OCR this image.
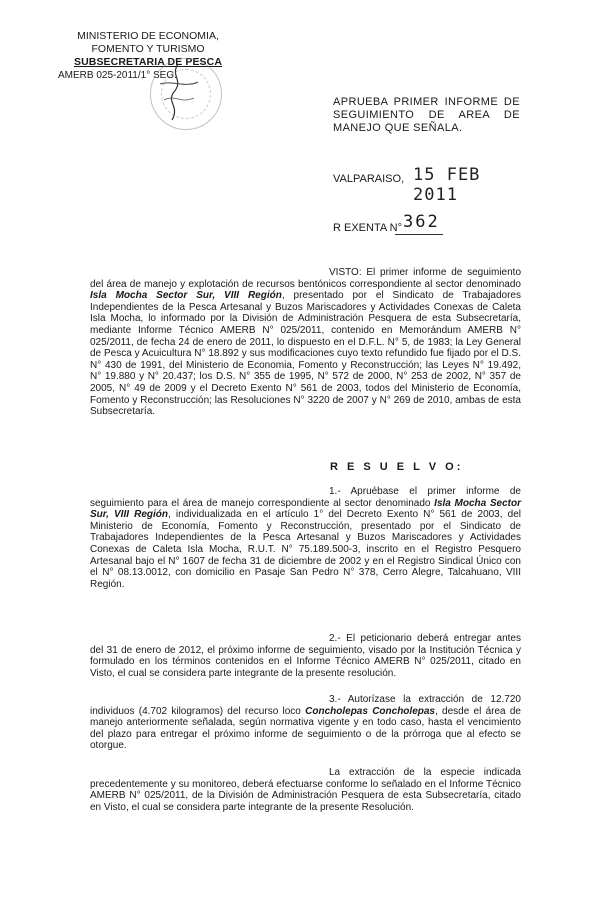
MINISTERIO DE ECONOMIA,
FOMENTO Y TURISMO
SUBSECRETARIA DE PESCA
AMERB 025-2011/1° SEG.
APRUEBA PRIMER INFORME DE SEGUIMIENTO DE AREA DE MANEJO QUE SEÑALA.
VALPARAISO, 15 FEB 2011
R EXENTA N° 362
VISTO: El primer informe de seguimiento del área de manejo y explotación de recursos bentónicos correspondiente al sector denominado Isla Mocha Sector Sur, VIII Región, presentado por el Sindicato de Trabajadores Independientes de la Pesca Artesanal y Buzos Mariscadores y Actividades Conexas de Caleta Isla Mocha, lo informado por la División de Administración Pesquera de esta Subsecretaría, mediante Informe Técnico AMERB N° 025/2011, contenido en Memorándum AMERB N° 025/2011, de fecha 24 de enero de 2011, lo dispuesto en el D.F.L. N° 5, de 1983; la Ley General de Pesca y Acuicultura N° 18.892 y sus modificaciones cuyo texto refundido fue fijado por el D.S. N° 430 de 1991, del Ministerio de Economia, Fomento y Reconstrucción; las Leyes N° 19.492, N° 19.880 y N° 20.437; los D.S. N° 355 de 1995, N° 572 de 2000, N° 253 de 2002, N° 357 de 2005, N° 49 de 2009 y el Decreto Exento N° 561 de 2003, todos del Ministerio de Economía, Fomento y Reconstrucción; las Resoluciones N° 3220 de 2007 y N° 269 de 2010, ambas de esta Subsecretaría.
R E S U E L V O:
1.- Apruébase el primer informe de seguimiento para el área de manejo correspondiente al sector denominado Isla Mocha Sector Sur, VIII Región, individualizada en el artículo 1° del Decreto Exento N° 561 de 2003, del Ministerio de Economía, Fomento y Reconstrucción, presentado por el Sindicato de Trabajadores Independientes de la Pesca Artesanal y Buzos Mariscadores y Actividades Conexas de Caleta Isla Mocha, R.U.T. N° 75.189.500-3, inscrito en el Registro Pesquero Artesanal bajo el N° 1607 de fecha 31 de diciembre de 2002 y en el Registro Sindical Único con el N° 08.13.0012, con domicilio en Pasaje San Pedro N° 378, Cerro Alegre, Talcahuano, VIII Región.
2.- El peticionario deberá entregar antes del 31 de enero de 2012, el próximo informe de seguimiento, visado por la Institución Técnica y formulado en los términos contenidos en el Informe Técnico AMERB N° 025/2011, citado en Visto, el cual se considera parte integrante de la presente resolución.
3.- Autorízase la extracción de 12.720 individuos (4.702 kilogramos) del recurso loco Concholepas Concholepas, desde el área de manejo anteriormente señalada, según normativa vigente y en todo caso, hasta el vencimiento del plazo para entregar el próximo informe de seguimiento o de la prórroga que al efecto se otorgue.
La extracción de la especie indicada precedentemente y su monitoreo, deberá efectuarse conforme lo señalado en el Informe Técnico AMERB N° 025/2011, de la División de Administración Pesquera de esta Subsecretaría, citado en Visto, el cual se considera parte integrante de la presente Resolución.
